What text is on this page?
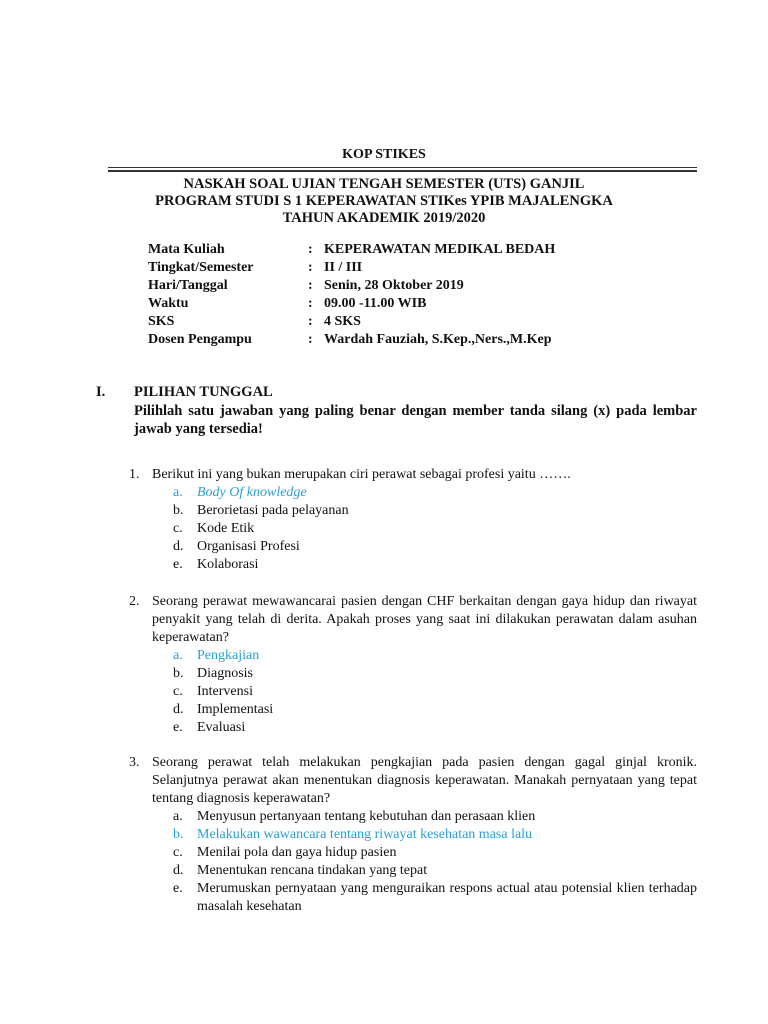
KOP STIKES
NASKAH SOAL UJIAN TENGAH SEMESTER (UTS) GANJIL
PROGRAM STUDI S 1 KEPERAWATAN STIKes YPIB MAJALENGKA
TAHUN AKADEMIK 2019/2020
Mata Kuliah	: KEPERAWATAN MEDIKAL BEDAH
Tingkat/Semester	: II / III
Hari/Tanggal	: Senin, 28 Oktober 2019
Waktu	: 09.00 -11.00 WIB
SKS	: 4 SKS
Dosen Pengampu	: Wardah Fauziah, S.Kep.,Ners.,M.Kep
I. PILIHAN TUNGGAL
Pilihlah satu jawaban yang paling benar dengan member tanda silang (x) pada lembar jawab yang tersedia!
1. Berikut ini yang bukan merupakan ciri perawat sebagai profesi yaitu …….
a. Body Of knowledge
b. Berorietasi pada pelayanan
c. Kode Etik
d. Organisasi Profesi
e. Kolaborasi
2. Seorang perawat mewawancarai pasien dengan CHF berkaitan dengan gaya hidup dan riwayat penyakit yang telah di derita. Apakah proses yang saat ini dilakukan perawatan dalam asuhan keperawatan?
a. Pengkajian
b. Diagnosis
c. Intervensi
d. Implementasi
e. Evaluasi
3. Seorang perawat telah melakukan pengkajian pada pasien dengan gagal ginjal kronik. Selanjutnya perawat akan menentukan diagnosis keperawatan. Manakah pernyataan yang tepat tentang diagnosis keperawatan?
a. Menyusun pertanyaan tentang kebutuhan dan perasaan klien
b. Melakukan wawancara tentang riwayat kesehatan masa lalu
c. Menilai pola dan gaya hidup pasien
d. Menentukan rencana tindakan yang tepat
e. Merumuskan pernyataan yang menguraikan respons actual atau potensial klien terhadap masalah kesehatan
